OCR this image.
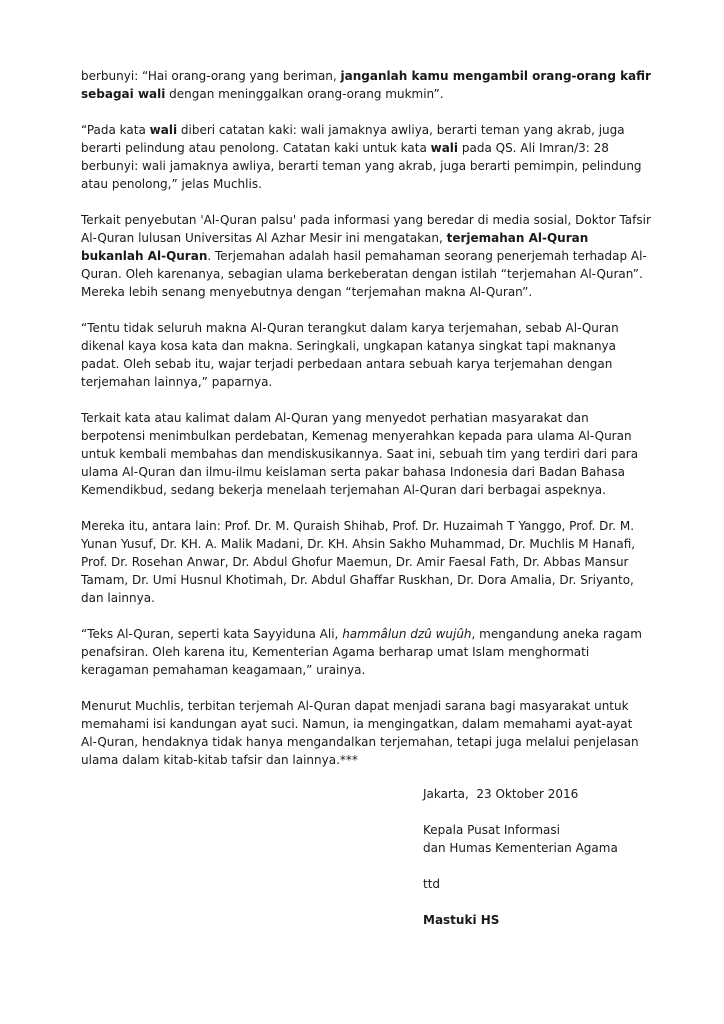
berbunyi: “Hai orang-orang yang beriman, janganlah kamu mengambil orang-orang kafir sebagai wali dengan meninggalkan orang-orang mukmin”.

“Pada kata wali diberi catatan kaki: wali jamaknya awliya, berarti teman yang akrab, juga berarti pelindung atau penolong. Catatan kaki untuk kata wali pada QS. Ali Imran/3: 28 berbunyi: wali jamaknya awliya, berarti teman yang akrab, juga berarti pemimpin, pelindung atau penolong,” jelas Muchlis.

Terkait penyebutan 'Al-Quran palsu' pada informasi yang beredar di media sosial, Doktor Tafsir Al-Quran lulusan Universitas Al Azhar Mesir ini mengatakan, terjemahan Al-Quran bukanlah Al-Quran. Terjemahan adalah hasil pemahaman seorang penerjemah terhadap Al-Quran. Oleh karenanya, sebagian ulama berkeberatan dengan istilah “terjemahan Al-Quran”. Mereka lebih senang menyebutnya dengan “terjemahan makna Al-Quran”.

“Tentu tidak seluruh makna Al-Quran terangkut dalam karya terjemahan, sebab Al-Quran dikenal kaya kosa kata dan makna. Seringkali, ungkapan katanya singkat tapi maknanya padat. Oleh sebab itu, wajar terjadi perbedaan antara sebuah karya terjemahan dengan terjemahan lainnya,” paparnya.

Terkait kata atau kalimat dalam Al-Quran yang menyedot perhatian masyarakat dan berpotensi menimbulkan perdebatan, Kemenag menyerahkan kepada para ulama Al-Quran untuk kembali membahas dan mendiskusikannya. Saat ini, sebuah tim yang terdiri dari para ulama Al-Quran dan ilmu-ilmu keislaman serta pakar bahasa Indonesia dari Badan Bahasa Kemendikbud, sedang bekerja menelaah terjemahan Al-Quran dari berbagai aspeknya.

Mereka itu, antara lain: Prof. Dr. M. Quraish Shihab, Prof. Dr. Huzaimah T Yanggo, Prof. Dr. M. Yunan Yusuf, Dr. KH. A. Malik Madani, Dr. KH. Ahsin Sakho Muhammad, Dr. Muchlis M Hanafi, Prof. Dr. Rosehan Anwar, Dr. Abdul Ghofur Maemun, Dr. Amir Faesal Fath, Dr. Abbas Mansur Tamam, Dr. Umi Husnul Khotimah, Dr. Abdul Ghaffar Ruskhan, Dr. Dora Amalia, Dr. Sriyanto, dan lainnya.

“Teks Al-Quran, seperti kata Sayyiduna Ali, hammâlun dzû wujûh, mengandung aneka ragam penafsiran. Oleh karena itu, Kementerian Agama berharap umat Islam menghormati keragaman pemahaman keagamaan,” urainya.

Menurut Muchlis, terbitan terjemah Al-Quran dapat menjadi sarana bagi masyarakat untuk memahami isi kandungan ayat suci. Namun, ia mengingatkan, dalam memahami ayat-ayat Al-Quran, hendaknya tidak hanya mengandalkan terjemahan, tetapi juga melalui penjelasan ulama dalam kitab-kitab tafsir dan lainnya.***

Jakarta,  23 Oktober 2016
Kepala Pusat Informasi
dan Humas Kementerian Agama
ttd
Mastuki HS
